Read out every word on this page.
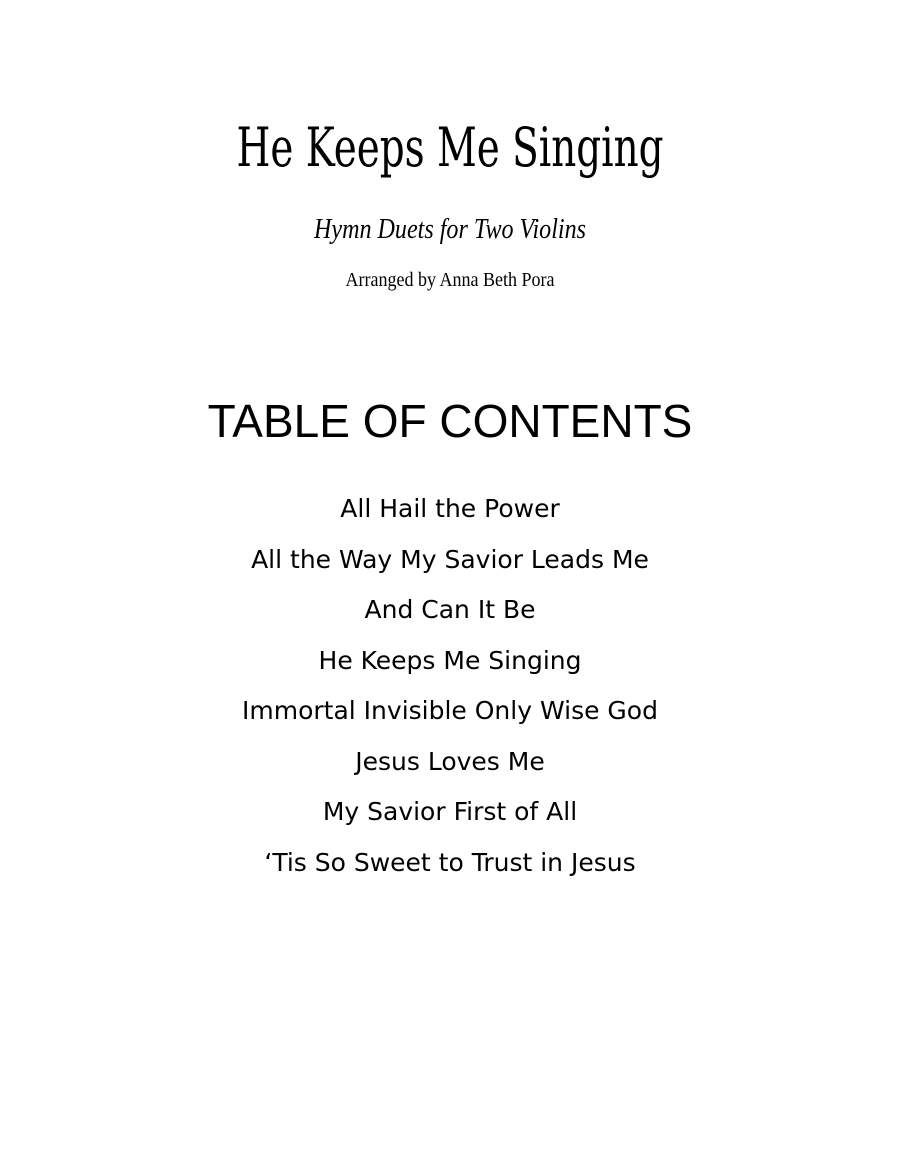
He Keeps Me Singing
Hymn Duets for Two Violins
Arranged by Anna Beth Pora
TABLE OF CONTENTS
All Hail the Power
All the Way My Savior Leads Me
And Can It Be
He Keeps Me Singing
Immortal Invisible Only Wise God
Jesus Loves Me
My Savior First of All
‘Tis So Sweet to Trust in Jesus
